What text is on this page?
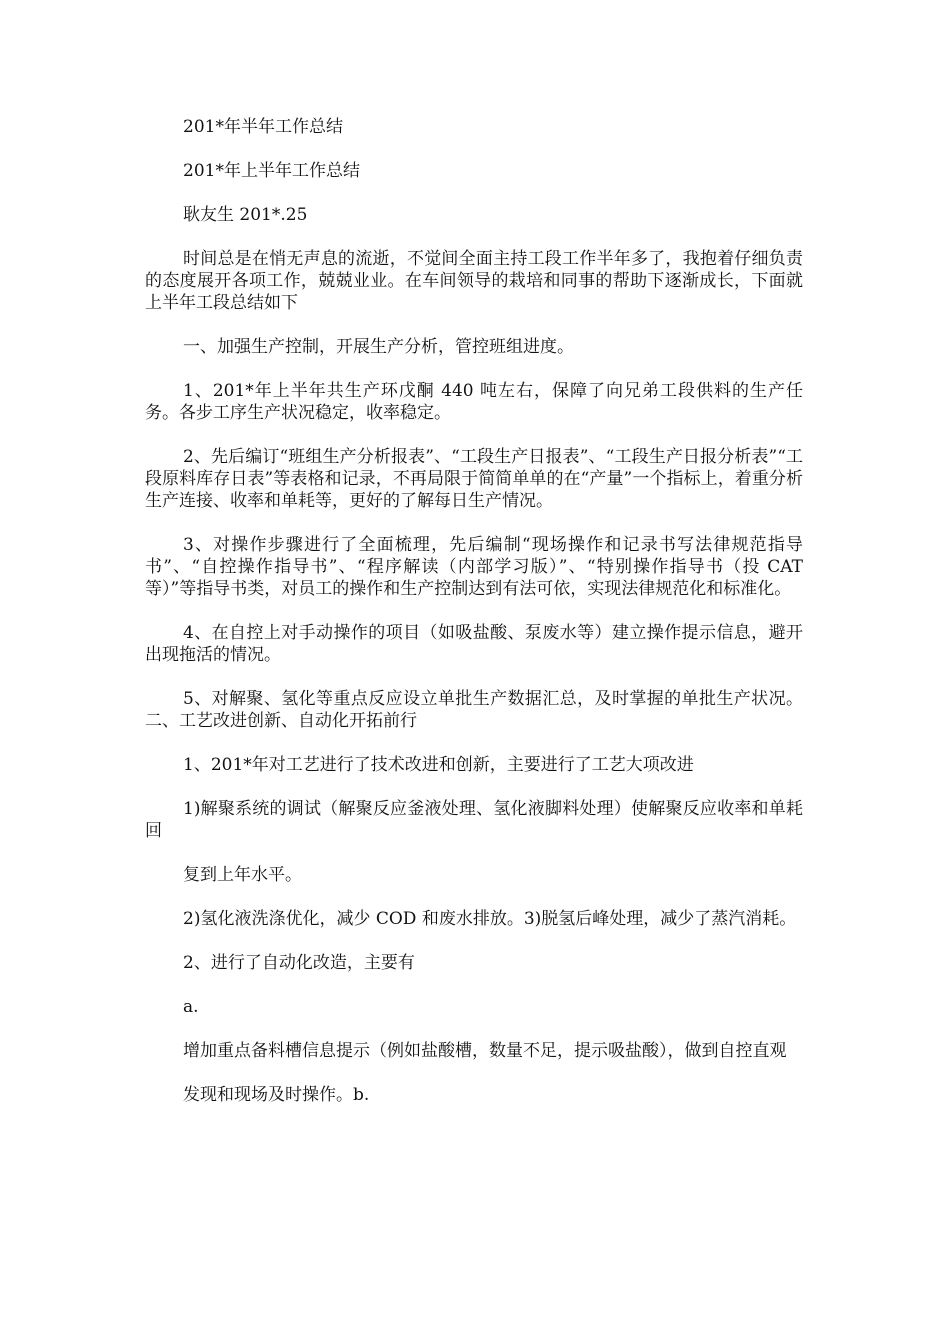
201*年半年工作总结

201*年上半年工作总结

耿友生 201*.25

时间总是在悄无声息的流逝，不觉间全面主持工段工作半年多了，我抱着仔细负责的态度展开各项工作，兢兢业业。在车间领导的栽培和同事的帮助下逐渐成长，下面就上半年工段总结如下

一、加强生产控制，开展生产分析，管控班组进度。

1、201*年上半年共生产环戊酮 440 吨左右，保障了向兄弟工段供料的生产任务。各步工序生产状况稳定，收率稳定。

2、先后编订“班组生产分析报表”、“工段生产日报表”、“工段生产日报分析表”“工段原料库存日表”等表格和记录，不再局限于简简单单的在“产量”一个指标上，着重分析生产连接、收率和单耗等，更好的了解每日生产情况。

3、对操作步骤进行了全面梳理，先后编制“现场操作和记录书写法律规范指导书”、“自控操作指导书”、“程序解读（内部学习版）”、“特别操作指导书（投 CAT 等）”等指导书类，对员工的操作和生产控制达到有法可依，实现法律规范化和标准化。

4、在自控上对手动操作的项目（如吸盐酸、泵废水等）建立操作提示信息，避开出现拖活的情况。

5、对解聚、氢化等重点反应设立单批生产数据汇总，及时掌握的单批生产状况。二、工艺改进创新、自动化开拓前行

1、201*年对工艺进行了技术改进和创新，主要进行了工艺大项改进

1)解聚系统的调试（解聚反应釜液处理、氢化液脚料处理）使解聚反应收率和单耗回

复到上年水平。

2)氢化液洗涤优化，减少 COD 和废水排放。3)脱氢后峰处理，减少了蒸汽消耗。

2、进行了自动化改造，主要有

a.

增加重点备料槽信息提示（例如盐酸槽，数量不足，提示吸盐酸），做到自控直观

发现和现场及时操作。b.
